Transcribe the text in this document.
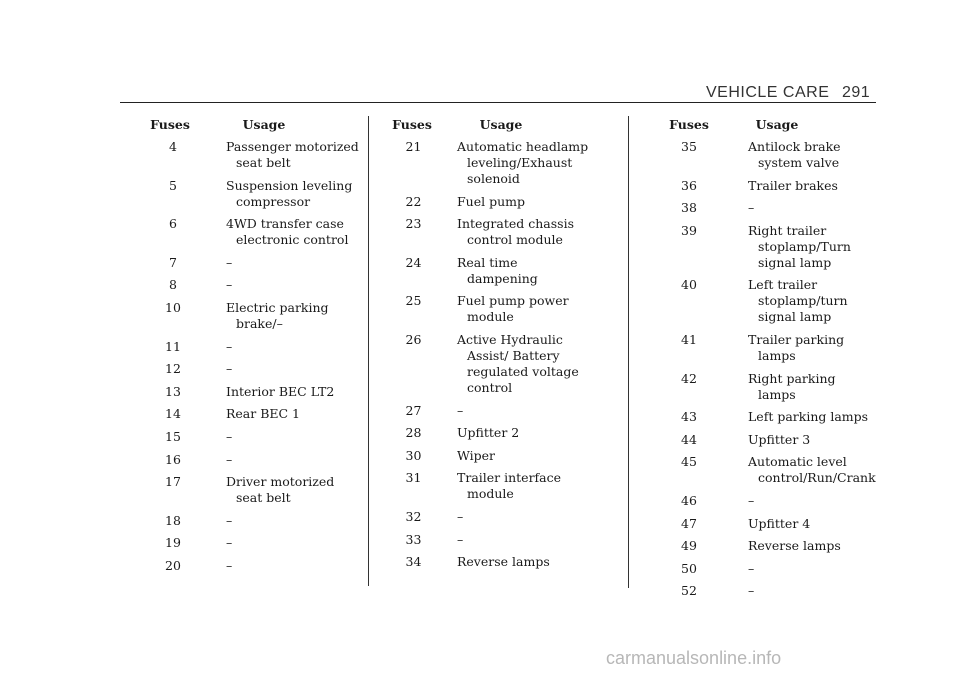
VEHICLE CARE 291
Fuses	Usage
4	Passenger motorized
seat belt
5	Suspension leveling
compressor
6	4WD transfer case
electronic control
7	–
8	–
10	Electric parking
brake/–
11	–
12	–
13	Interior BEC LT2
14	Rear BEC 1
15	–
16	–
17	Driver motorized
seat belt
18	–
19	–
20	–
Fuses	Usage
21	Automatic headlamp
leveling/Exhaust
solenoid
22	Fuel pump
23	Integrated chassis
control module
24	Real time
dampening
25	Fuel pump power
module
26	Active Hydraulic
Assist/ Battery
regulated voltage
control
27	–
28	Upfitter 2
30	Wiper
31	Trailer interface
module
32	–
33	–
34	Reverse lamps
Fuses	Usage
35	Antilock brake
system valve
36	Trailer brakes
38	–
39	Right trailer
stoplamp/Turn
signal lamp
40	Left trailer
stoplamp/turn
signal lamp
41	Trailer parking
lamps
42	Right parking lamps
43	Left parking lamps
44	Upfitter 3
45	Automatic level
control/Run/Crank
46	–
47	Upfitter 4
49	Reverse lamps
50	–
52	–
carmanualsonline.info
